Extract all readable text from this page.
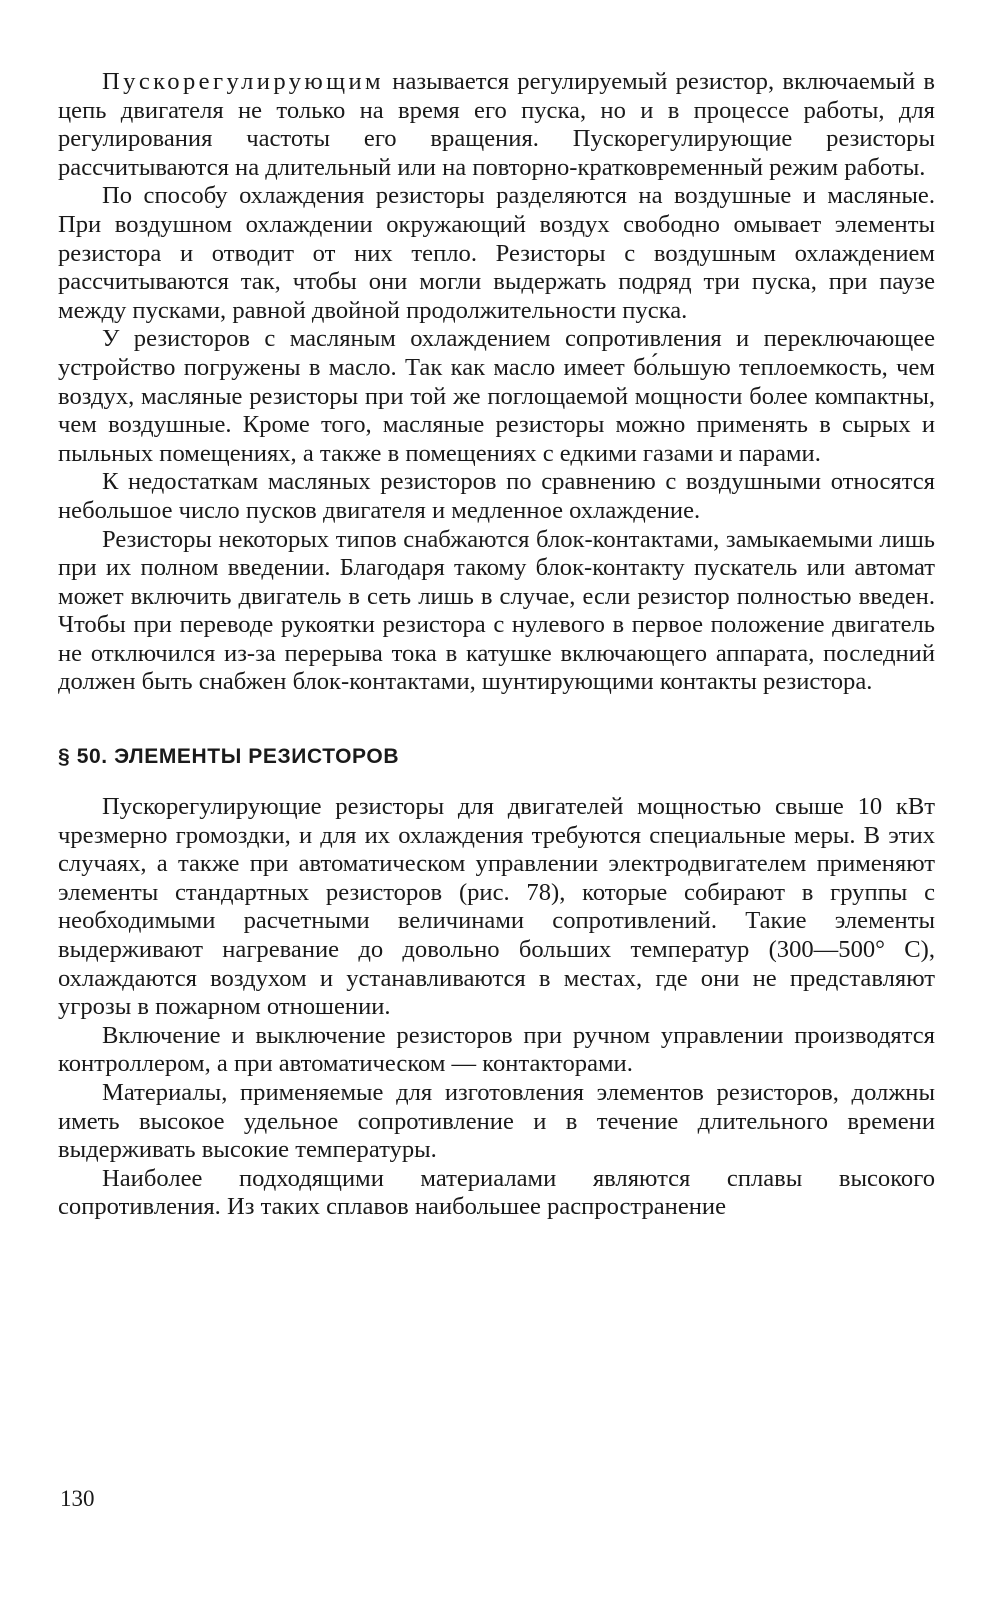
Пускорегулирующим называется регулируемый резистор, включаемый в цепь двигателя не только на время его пуска, но и в процессе работы, для регулирования частоты его вращения. Пускорегулирующие резисторы рассчитываются на длительный или на повторно-кратковременный режим работы.

По способу охлаждения резисторы разделяются на воздушные и масляные. При воздушном охлаждении окружающий воздух свободно омывает элементы резистора и отводит от них тепло. Резисторы с воздушным охлаждением рассчитываются так, чтобы они могли выдержать подряд три пуска, при паузе между пусками, равной двойной продолжительности пуска.

У резисторов с масляным охлаждением сопротивления и переключающее устройство погружены в масло. Так как масло имеет бо́льшую теплоемкость, чем воздух, масляные резисторы при той же поглощаемой мощности более компактны, чем воздушные. Кроме того, масляные резисторы можно применять в сырых и пыльных помещениях, а также в помещениях с едкими газами и парами.

К недостаткам масляных резисторов по сравнению с воздушными относятся небольшое число пусков двигателя и медленное охлаждение.

Резисторы некоторых типов снабжаются блок-контактами, замыкаемыми лишь при их полном введении. Благодаря такому блок-контакту пускатель или автомат может включить двигатель в сеть лишь в случае, если резистор полностью введен. Чтобы при переводе рукоятки резистора с нулевого в первое положение двигатель не отключился из-за перерыва тока в катушке включающего аппарата, последний должен быть снабжен блок-контактами, шунтирующими контакты резистора.

§ 50. ЭЛЕМЕНТЫ РЕЗИСТОРОВ

Пускорегулирующие резисторы для двигателей мощностью свыше 10 кВт чрезмерно громоздки, и для их охлаждения требуются специальные меры. В этих случаях, а также при автоматическом управлении электродвигателем применяют элементы стандартных резисторов (рис. 78), которые собирают в группы с необходимыми расчетными величинами сопротивлений. Такие элементы выдерживают нагревание до довольно больших температур (300—500° С), охлаждаются воздухом и устанавливаются в местах, где они не представляют угрозы в пожарном отношении.

Включение и выключение резисторов при ручном управлении производятся контроллером, а при автоматическом — контакторами.

Материалы, применяемые для изготовления элементов резисторов, должны иметь высокое удельное сопротивление и в течение длительного времени выдерживать высокие температуры.

Наиболее подходящими материалами являются сплавы высокого сопротивления. Из таких сплавов наибольшее распространение

130
